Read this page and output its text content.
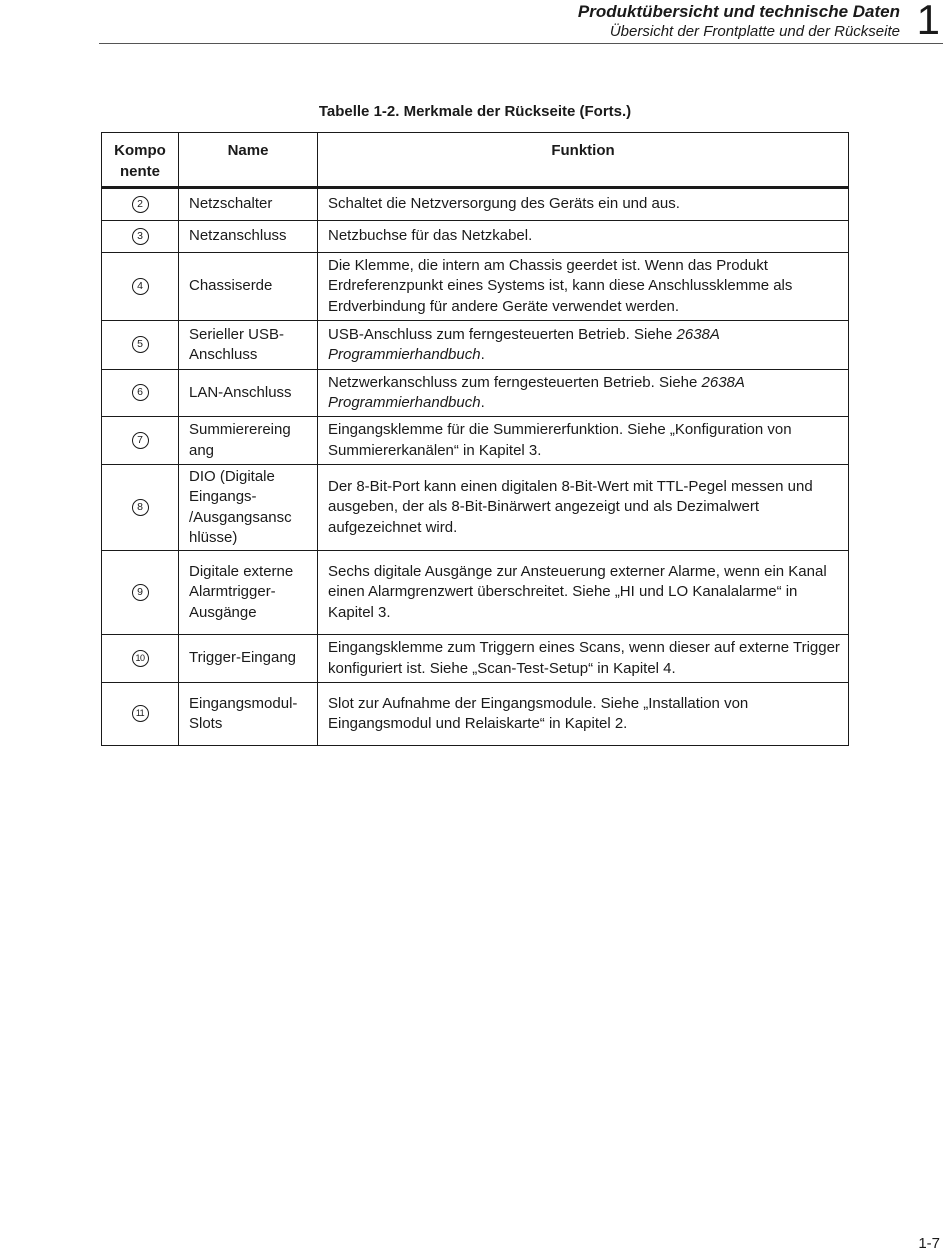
Produktübersicht und technische Daten
Übersicht der Frontplatte und der Rückseite 1
Tabelle 1-2. Merkmale der Rückseite (Forts.)
Kompo
nente	Name	Funktion
2	Netzschalter	Schaltet die Netzversorgung des Geräts ein und aus.
3	Netzanschluss	Netzbuchse für das Netzkabel.
4	Chassiserde	Die Klemme, die intern am Chassis geerdet ist. Wenn das Produkt Erdreferenzpunkt eines Systems ist, kann diese Anschlussklemme als Erdverbindung für andere Geräte verwendet werden.
5	Serieller USB-
Anschluss	USB-Anschluss zum ferngesteuerten Betrieb. Siehe 2638A Programmierhandbuch.
6	LAN-Anschluss	Netzwerkanschluss zum ferngesteuerten Betrieb. Siehe 2638A Programmierhandbuch.
7	Summierereing
ang	Eingangsklemme für die Summiererfunktion. Siehe „Konfiguration von Summiererkanälen“ in Kapitel 3.
8	DIO (Digitale
Eingangs-
/Ausgangsansc
hlüsse)	Der 8-Bit-Port kann einen digitalen 8-Bit-Wert mit TTL-Pegel messen und ausgeben, der als 8-Bit-Binärwert angezeigt und als Dezimalwert aufgezeichnet wird.
9	Digitale externe
Alarmtrigger-
Ausgänge	Sechs digitale Ausgänge zur Ansteuerung externer Alarme, wenn ein Kanal einen Alarmgrenzwert überschreitet. Siehe „HI und LO Kanalalarme“ in Kapitel 3.
10	Trigger-Eingang	Eingangsklemme zum Triggern eines Scans, wenn dieser auf externe Trigger konfiguriert ist. Siehe „Scan-Test-Setup“ in Kapitel 4.
11	Eingangsmodul-
Slots	Slot zur Aufnahme der Eingangsmodule. Siehe „Installation von Eingangsmodul und Relaiskarte“ in Kapitel 2.
1-7
